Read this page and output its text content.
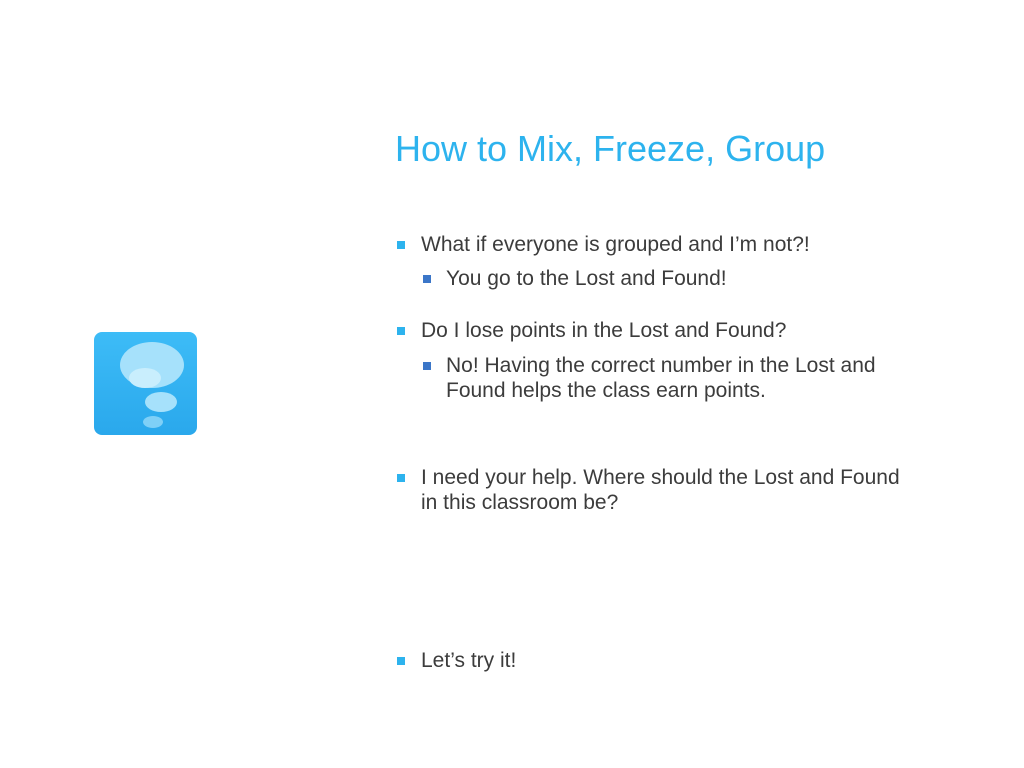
How to Mix, Freeze, Group
What if everyone is grouped and I’m not?!
You go to the Lost and Found!
Do I lose points in the Lost and Found?
No! Having the correct number in the Lost and Found helps the class earn points.
I need your help. Where should the Lost and Found in this classroom be?
Let’s try it!
